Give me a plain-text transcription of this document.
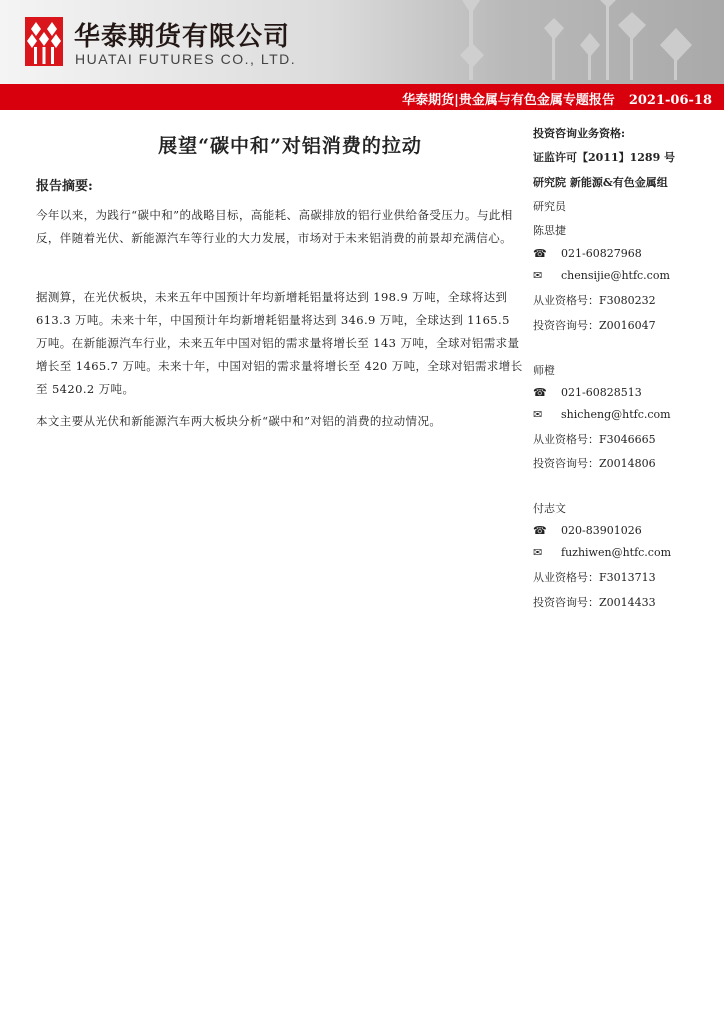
华泰期货有限公司
HUATAI FUTURES CO., LTD.
华泰期货|贵金属与有色金属专题报告 2021-06-18
展望“碳中和”对铝消费的拉动
报告摘要:
今年以来，为践行“碳中和”的战略目标，高能耗、高碳排放的铝行业供给备受压力。与此相反，伴随着光伏、新能源汽车等行业的大力发展，市场对于未来铝消费的前景却充满信心。
据测算，在光伏板块，未来五年中国预计年均新增耗铝量将达到 198.9 万吨，全球将达到 613.3 万吨。未来十年，中国预计年均新增耗铝量将达到 346.9 万吨，全球达到 1165.5 万吨。在新能源汽车行业，未来五年中国对铝的需求量将增长至 143 万吨，全球对铝需求量增长至 1465.7 万吨。未来十年，中国对铝的需求量将增长至 420 万吨，全球对铝需求增长至 5420.2 万吨。
本文主要从光伏和新能源汽车两大板块分析“碳中和”对铝的消费的拉动情况。
投资咨询业务资格:
证监许可【2011】1289 号
研究院 新能源&有色金属组
研究员
陈思捷
☎ 021-60827968
✉ chensijie@htfc.com
从业资格号：F3080232
投资咨询号：Z0016047
师橙
☎ 021-60828513
✉ shicheng@htfc.com
从业资格号：F3046665
投资咨询号：Z0014806
付志文
☎ 020-83901026
✉ fuzhiwen@htfc.com
从业资格号：F3013713
投资咨询号：Z0014433
